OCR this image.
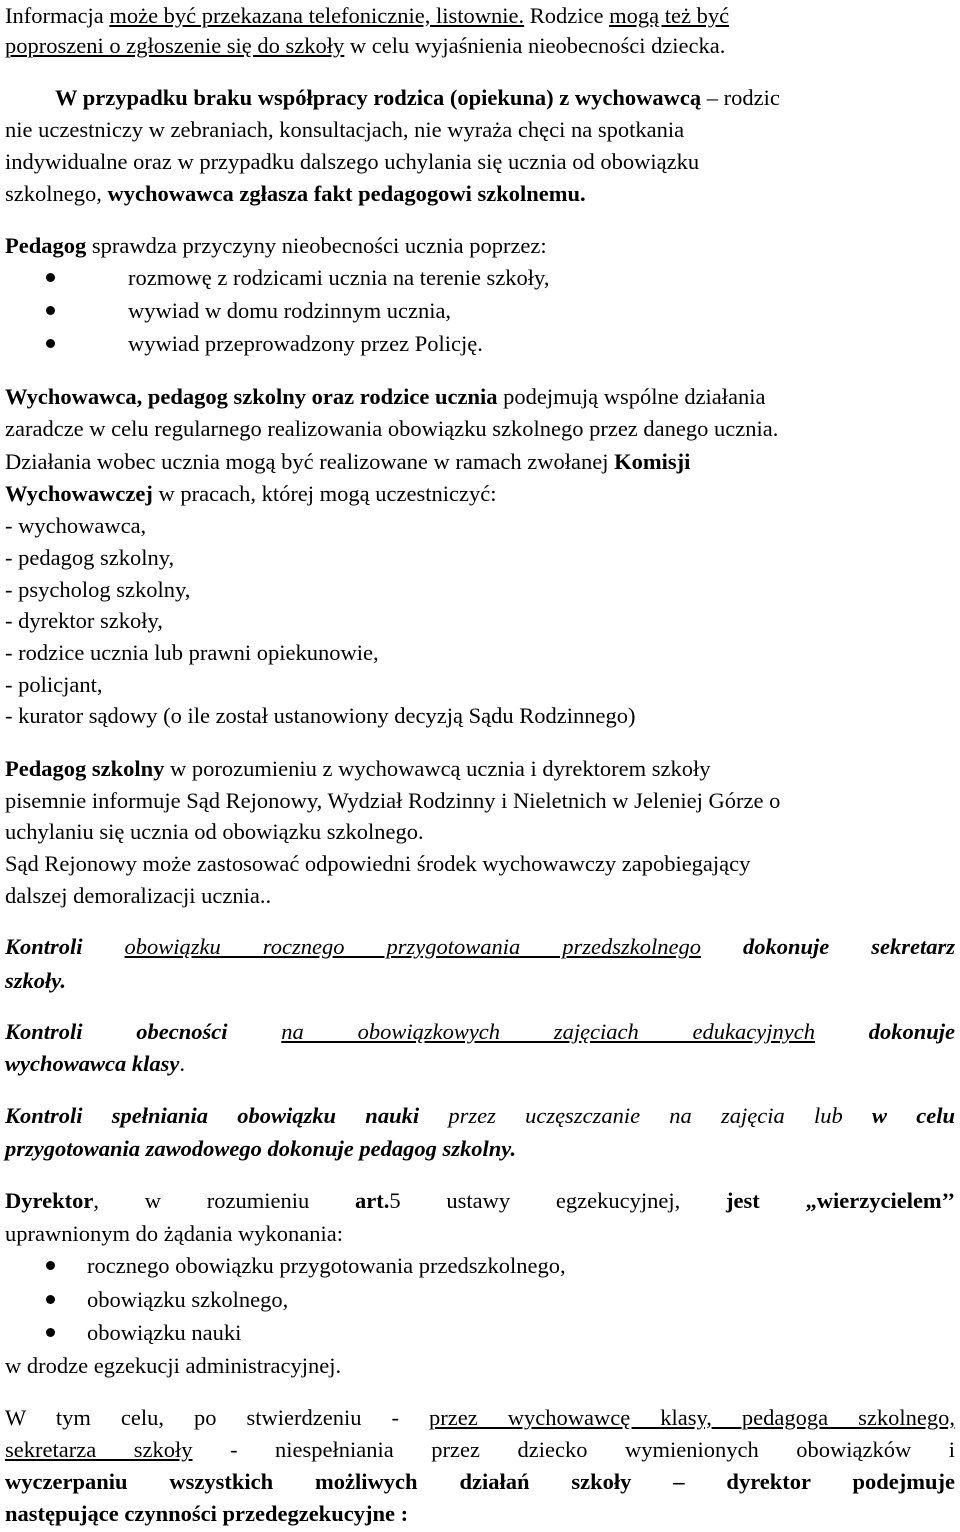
Informacja może być przekazana telefonicznie, listownie. Rodzice mogą też być
poproszeni o zgłoszenie się do szkoły w celu wyjaśnienia nieobecności dziecka.
W przypadku braku współpracy rodzica (opiekuna) z wychowawcą – rodzic
nie uczestniczy w zebraniach, konsultacjach, nie wyraża chęci na spotkania
indywidualne oraz w przypadku dalszego uchylania się ucznia od obowiązku
szkolnego, wychowawca zgłasza fakt pedagogowi szkolnemu.
Pedagog sprawdza przyczyny nieobecności ucznia poprzez:
rozmowę z rodzicami ucznia na terenie szkoły,
wywiad w domu rodzinnym ucznia,
wywiad przeprowadzony przez Policję.
Wychowawca, pedagog szkolny oraz rodzice ucznia podejmują wspólne działania
zaradcze w celu regularnego realizowania obowiązku szkolnego przez danego ucznia.
Działania wobec ucznia mogą być realizowane w ramach zwołanej Komisji
Wychowawczej w pracach, której mogą uczestniczyć:
- wychowawca,
- pedagog szkolny,
- psycholog szkolny,
- dyrektor szkoły,
- rodzice ucznia lub prawni opiekunowie,
- policjant,
- kurator sądowy (o ile został ustanowiony decyzją Sądu Rodzinnego)
Pedagog szkolny w porozumieniu z wychowawcą ucznia i dyrektorem szkoły
pisemnie informuje Sąd Rejonowy, Wydział Rodzinny i Nieletnich w Jeleniej Górze o
uchylaniu się ucznia od obowiązku szkolnego.
Sąd Rejonowy może zastosować odpowiedni środek wychowawczy zapobiegający
dalszej demoralizacji ucznia..
Kontroli obowiązku rocznego przygotowania przedszkolnego dokonuje sekretarz
szkoły.
Kontroli obecności na obowiązkowych zajęciach edukacyjnych dokonuje
wychowawca klasy.
Kontroli spełniania obowiązku nauki przez uczęszczanie na zajęcia lub w celu
przygotowania zawodowego dokonuje pedagog szkolny.
Dyrektor, w rozumieniu art.5 ustawy egzekucyjnej, jest „wierzycielem’’
uprawnionym do żądania wykonania:
rocznego obowiązku przygotowania przedszkolnego,
obowiązku szkolnego,
obowiązku nauki
w drodze egzekucji administracyjnej.
W tym celu, po stwierdzeniu - przez wychowawcę klasy, pedagoga szkolnego,
sekretarza szkoły - niespełniania przez dziecko wymienionych obowiązków i
wyczerpaniu wszystkich możliwych działań szkoły – dyrektor podejmuje
następujące czynności przedegzekucyjne :
